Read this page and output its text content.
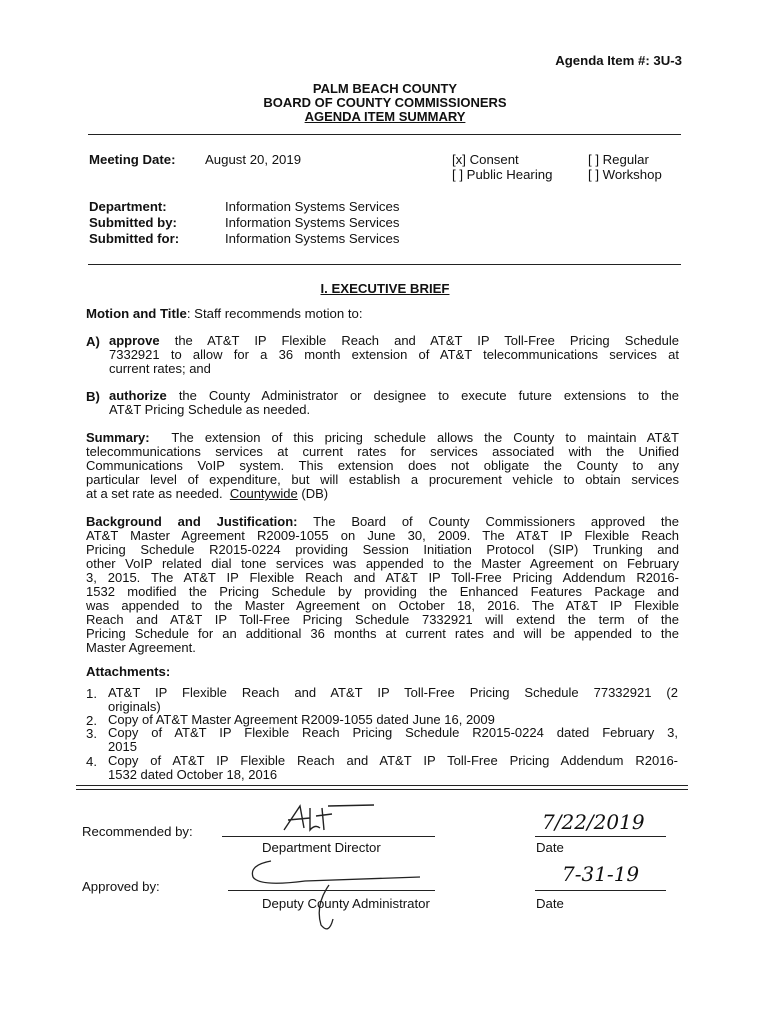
Agenda Item #: 3U-3
PALM BEACH COUNTY
BOARD OF COUNTY COMMISSIONERS
AGENDA ITEM SUMMARY
Meeting Date: August 20, 2019	[x] Consent	[ ] Regular
[ ] Public Hearing	[ ] Workshop
Department:	Information Systems Services
Submitted by:	Information Systems Services
Submitted for:	Information Systems Services
I. EXECUTIVE BRIEF
Motion and Title: Staff recommends motion to:
A) approve the AT&T IP Flexible Reach and AT&T IP Toll-Free Pricing Schedule
7332921 to allow for a 36 month extension of AT&T telecommunications services at
current rates; and
B) authorize the County Administrator or designee to execute future extensions to the
AT&T Pricing Schedule as needed.
Summary: The extension of this pricing schedule allows the County to maintain AT&T
telecommunications services at current rates for services associated with the Unified
Communications VoIP system. This extension does not obligate the County to any
particular level of expenditure, but will establish a procurement vehicle to obtain services
at a set rate as needed. Countywide (DB)
Background and Justification: The Board of County Commissioners approved the
AT&T Master Agreement R2009-1055 on June 30, 2009. The AT&T IP Flexible Reach
Pricing Schedule R2015-0224 providing Session Initiation Protocol (SIP) Trunking and
other VoIP related dial tone services was appended to the Master Agreement on February
3, 2015. The AT&T IP Flexible Reach and AT&T IP Toll-Free Pricing Addendum R2016-
1532 modified the Pricing Schedule by providing the Enhanced Features Package and
was appended to the Master Agreement on October 18, 2016. The AT&T IP Flexible
Reach and AT&T IP Toll-Free Pricing Schedule 7332921 will extend the term of the
Pricing Schedule for an additional 36 months at current rates and will be appended to the
Master Agreement.
Attachments:
1. AT&T IP Flexible Reach and AT&T IP Toll-Free Pricing Schedule 77332921 (2
originals)
2. Copy of AT&T Master Agreement R2009-1055 dated June 16, 2009
3. Copy of AT&T IP Flexible Reach Pricing Schedule R2015-0224 dated February 3,
2015
4. Copy of AT&T IP Flexible Reach and AT&T IP Toll-Free Pricing Addendum R2016-
1532 dated October 18, 2016
Recommended by:
Department Director
7/22/2019
Date
Approved by:
Deputy County Administrator
7-31-19
Date
